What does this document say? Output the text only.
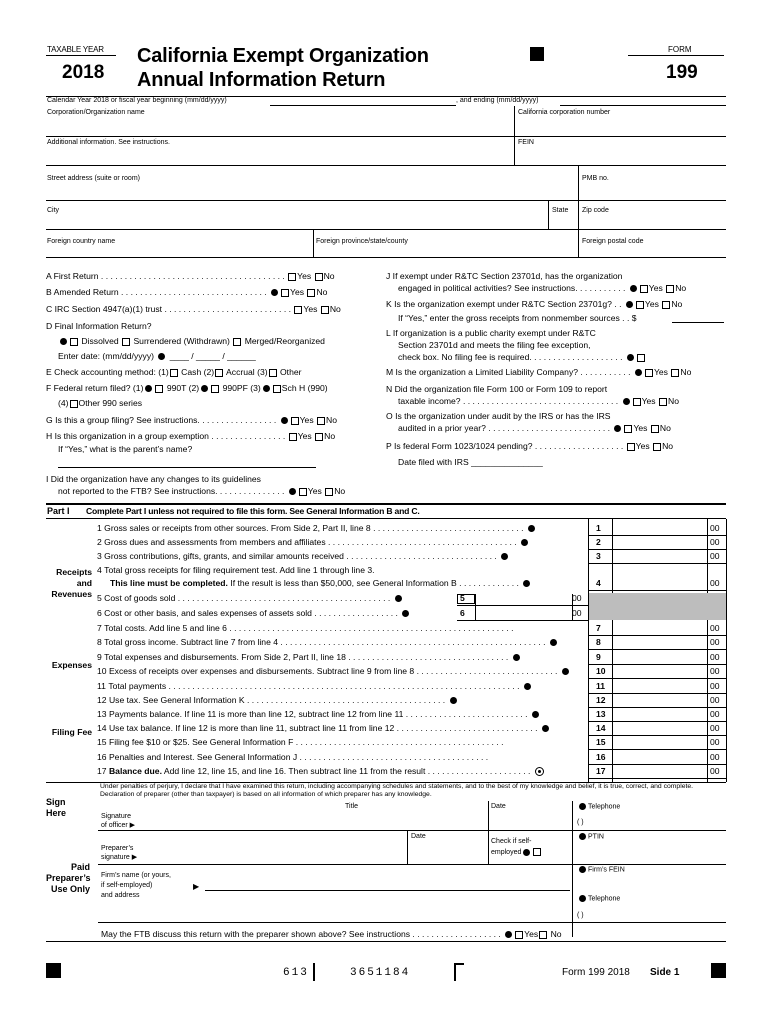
TAXABLE YEAR
2018
California Exempt Organization
Annual Information Return
FORM
199
Calendar Year 2018 or fiscal year beginning (mm/dd/yyyy)	, and ending (mm/dd/yyyy)
Corporation/Organization name	California corporation number
Additional information. See instructions.	FEIN
Street address (suite or room)	PMB no.
City	State Zip code
Foreign country name	Foreign province/state/county	Foreign postal code
A First Return . . . . . . . . . . . . . . . . . . . . . . . . . . . . . . . . . . . . . . . Yes No
B Amended Return . . . . . . . . . . . . . . . . . . . . . . . . . . . . . . . Yes No
C IRC Section 4947(a)(1) trust . . . . . . . . . . . . . . . . . . . . . . . . . . . Yes No
D Final Information Return?
Dissolved Surrendered (Withdrawn) Merged/Reorganized
Enter date: (mm/dd/yyyy) ____ / _____ / ______
E Check accounting method: (1) Cash (2) Accrual (3) Other
F Federal return filed? (1)	990T (2)	990PF (3) Sch H (990)
(4) Other 990 series
G Is this a group filing? See instructions. . . . . . . . . . . . . . . . . Yes No
H Is this organization in a group exemption . . . . . . . . . . . . . . . . Yes No
If “Yes,” what is the parent’s name?
I Did the organization have any changes to its guidelines
not reported to the FTB? See instructions. . . . . . . . . . . . . . . Yes No
J If exempt under R&TC Section 23701d, has the organization
engaged in political activities? See instructions. . . . . . . . . . . Yes No
K Is the organization exempt under R&TC Section 23701g? . . Yes No
If “Yes,” enter the gross receipts from nonmember sources . . $
L If organization is a public charity exempt under R&TC
Section 23701d and meets the filing fee exception,
check box. No filing fee is required. . . . . . . . . . . . . . . . . . . .
M Is the organization a Limited Liability Company? . . . . . . . . . . . Yes No
N Did the organization file Form 100 or Form 109 to report
taxable income? . . . . . . . . . . . . . . . . . . . . . . . . . . . . . . . . . Yes No
O Is the organization under audit by the IRS or has the IRS
audited in a prior year? . . . . . . . . . . . . . . . . . . . . . . . . . . Yes No
P Is federal Form 1023/1024 pending? . . . . . . . . . . . . . . . . . . . Yes No
Date filed with IRS _______________
Part I Complete Part I unless not required to file this form. See General Information B and C.
Receipts
and
Revenues
Expenses
Filing Fee
1 Gross sales or receipts from other sources. From Side 2, Part II, line 8 . . . . . . . . . . . . . . . . . . . . . . . . . . . . . . . .	1	00
2 Gross dues and assessments from members and affiliates . . . . . . . . . . . . . . . . . . . . . . . . . . . . . . . . . . . . . . . .	2	00
3 Gross contributions, gifts, grants, and similar amounts received . . . . . . . . . . . . . . . . . . . . . . . . . . . . . . . .	3	00
4 Total gross receipts for filing requirement test. Add line 1 through line 3.
This line must be completed. If the result is less than $50,000, see General Information B . . . . . . . . . . . . .	4	00
5 Cost of goods sold . . . . . . . . . . . . . . . . . . . . . . . . . . . . . . . . . . . . . . . . . . . . .	5	00
6 Cost or other basis, and sales expenses of assets sold . . . . . . . . . . . . . . . . . .	6	00
7 Total costs. Add line 5 and line 6 . . . . . . . . . . . . . . . . . . . . . . . . . . . . . . . . . . . . . . . . . . . . . . . . . . . . . . . . . . . .	7	00
8 Total gross income. Subtract line 7 from line 4 . . . . . . . . . . . . . . . . . . . . . . . . . . . . . . . . . . . . . . . . . . . . . . . . . . . . . . . .	8	00
9 Total expenses and disbursements. From Side 2, Part II, line 18 . . . . . . . . . . . . . . . . . . . . . . . . . . . . . . . . . .	9	00
10 Excess of receipts over expenses and disbursements. Subtract line 9 from line 8 . . . . . . . . . . . . . . . . . . . . . . . . . . . . . .	10	00
11 Total payments . . . . . . . . . . . . . . . . . . . . . . . . . . . . . . . . . . . . . . . . . . . . . . . . . . . . . . . . . . . . . . . . . . . . . . . . . .	11	00
12 Use tax. See General Information K . . . . . . . . . . . . . . . . . . . . . . . . . . . . . . . . . . . . . . . . . .	12	00
13 Payments balance. If line 11 is more than line 12, subtract line 12 from line 11 . . . . . . . . . . . . . . . . . . . . . . . . . .	13	00
14 Use tax balance. If line 12 is more than line 11, subtract line 11 from line 12 . . . . . . . . . . . . . . . . . . . . . . . . . . . . . .	14	00
15 Filing fee $10 or $25. See General Information F . . . . . . . . . . . . . . . . . . . . . . . . . . . . . . . . . . . . . . . . . . . .	15	00
16 Penalties and Interest. See General Information J . . . . . . . . . . . . . . . . . . . . . . . . . . . . . . . . . . . . . . . .	16	00
17 Balance due. Add line 12, line 15, and line 16. Then subtract line 11 from the result . . . . . . . . . . . . . . . . . . . . . .	17	00
Under penalties of perjury, I declare that I have examined this return, including accompanying schedules and statements, and to the best of my knowledge and belief, it is true, correct, and complete. Declaration of preparer (other than taxpayer) is based on all information of which preparer has any knowledge.
Sign
Here	Signature
of officer ▶
Title	Date	Telephone
( )
Paid
Preparer’s
Use Only
Preparer’s
signature ▶
Date
Check if self-
employed
PTIN
Firm’s name (or yours,
if self-employed)
and address
▶
Firm’s FEIN
Telephone
( )
May the FTB discuss this return with the preparer shown above? See instructions . . . . . . . . . . . . . . . . . . . Yes No
613	3651184	Form 199 2018 Side 1
